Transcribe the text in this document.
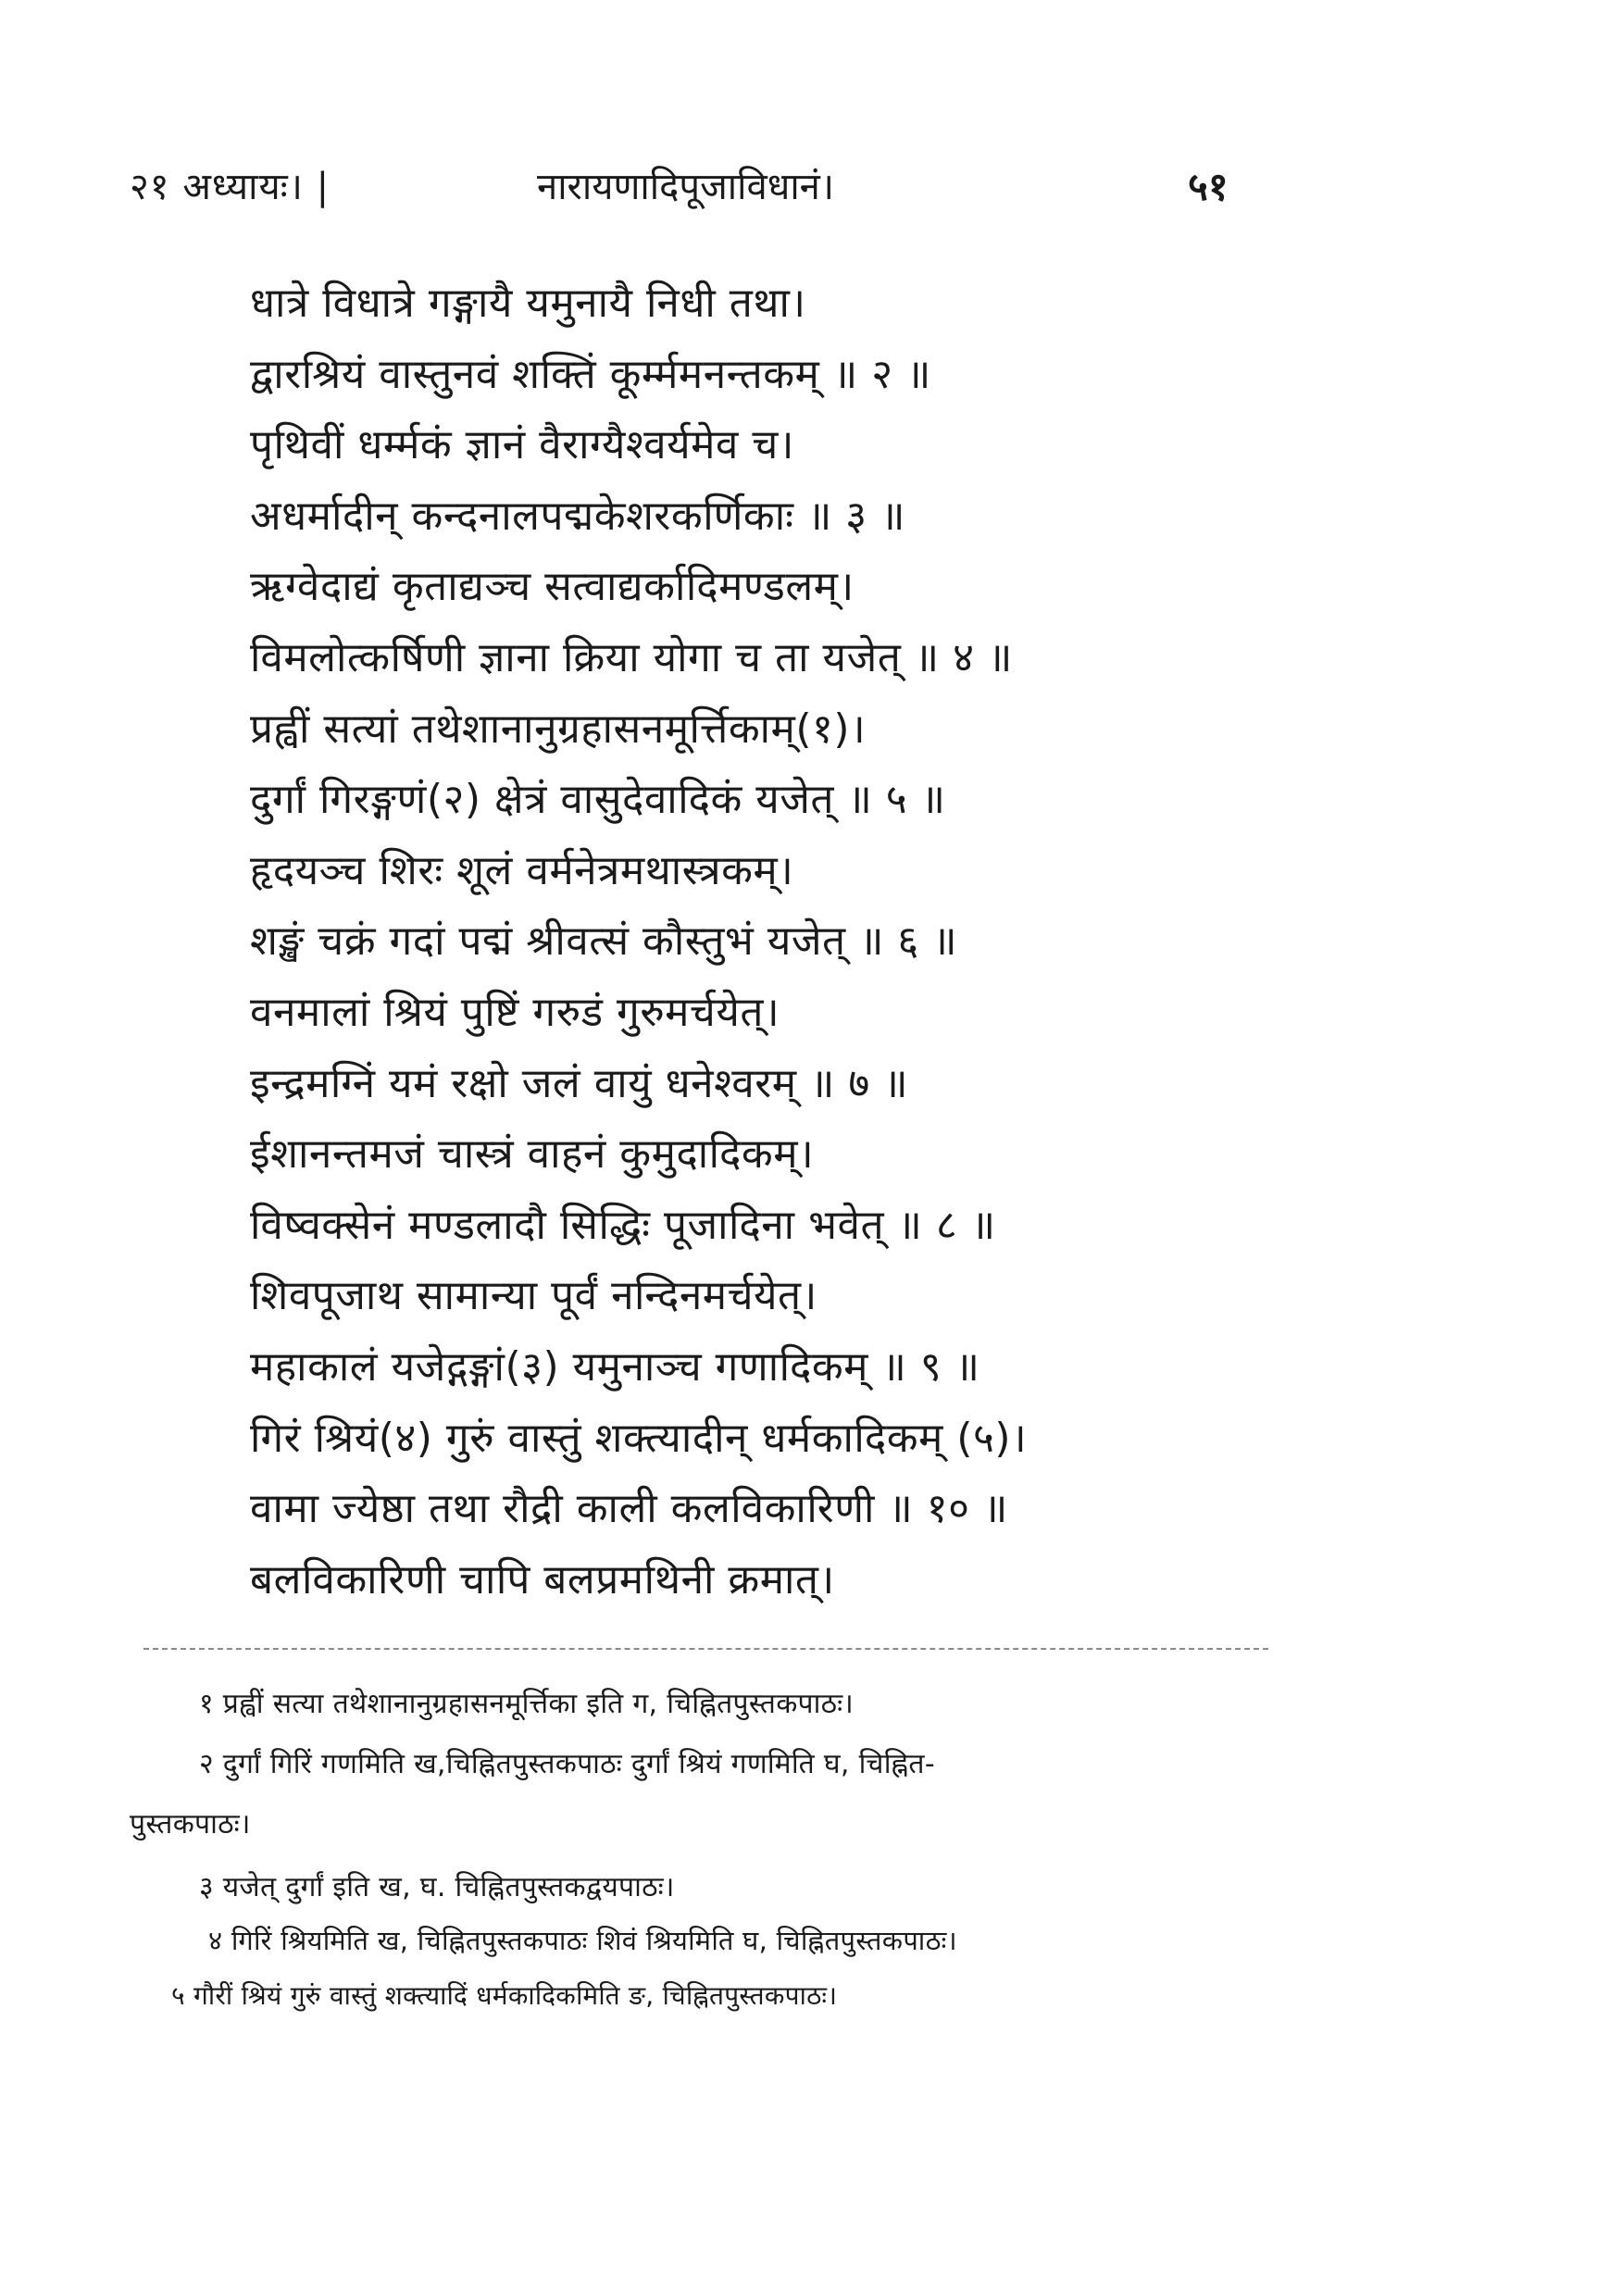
२१ अध्यायः। |	नारायणादिपूजाविधानं।	५१
धात्रे विधात्रे गङ्गायै यमुनायै निधी तथा।
द्वारश्रियं वास्तुनवं शक्तिं कूर्म्ममनन्तकम् ॥ २ ॥
पृथिवीं धर्म्मकं ज्ञानं वैराग्यैश्वर्यमेव च।
अधर्मादीन् कन्दनालपद्मकेशरकर्णिकाः ॥ ३ ॥
ऋग्वेदाद्यं कृताद्यञ्च सत्वाद्यर्कादिमण्डलम्।
विमलोत्कर्षिणी ज्ञाना क्रिया योगा च ता यजेत् ॥ ४ ॥
प्रह्वीं सत्यां तथेशानानुग्रहासनमूर्त्तिकाम्(१)।
दुर्गां गिरङ्गणं(२) क्षेत्रं वासुदेवादिकं यजेत् ॥ ५ ॥
हृदयञ्च शिरः शूलं वर्मनेत्रमथास्त्रकम्।
शङ्खं चक्रं गदां पद्मं श्रीवत्सं कौस्तुभं यजेत् ॥ ६ ॥
वनमालां श्रियं पुष्टिं गरुडं गुरुमर्चयेत्।
इन्द्रमग्निं यमं रक्षो जलं वायुं धनेश्वरम् ॥ ७ ॥
ईशानन्तमजं चास्त्रं वाहनं कुमुदादिकम्।
विष्वक्सेनं मण्डलादौ सिद्धिः पूजादिना भवेत् ॥ ८ ॥
शिवपूजाथ सामान्या पूर्वं नन्दिनमर्चयेत्।
महाकालं यजेद्गङ्गां(३) यमुनाञ्च गणादिकम् ॥ ९ ॥
गिरं श्रियं(४) गुरुं वास्तुं शक्त्यादीन् धर्मकादिकम् (५)।
वामा ज्येष्ठा तथा रौद्री काली कलविकारिणी ॥ १० ॥
बलविकारिणी चापि बलप्रमथिनी क्रमात्।
१ प्रह्वीं सत्या तथेशानानुग्रहासनमूर्त्तिका इति ग, चिह्नितपुस्तकपाठः।
२ दुर्गां गिरिं गणमिति ख,चिह्नितपुस्तकपाठः दुर्गां श्रियं गणमिति घ, चिह्नित-
पुस्तकपाठः।
३ यजेत् दुर्गां इति ख, घ. चिह्नितपुस्तकद्वयपाठः।
४ गिरिं श्रियमिति ख, चिह्नितपुस्तकपाठः शिवं श्रियमिति घ, चिह्नितपुस्तकपाठः।
५ गौरीं श्रियं गुरुं वास्तुं शक्त्यादिं धर्मकादिकमिति ङ, चिह्नितपुस्तकपाठः।
